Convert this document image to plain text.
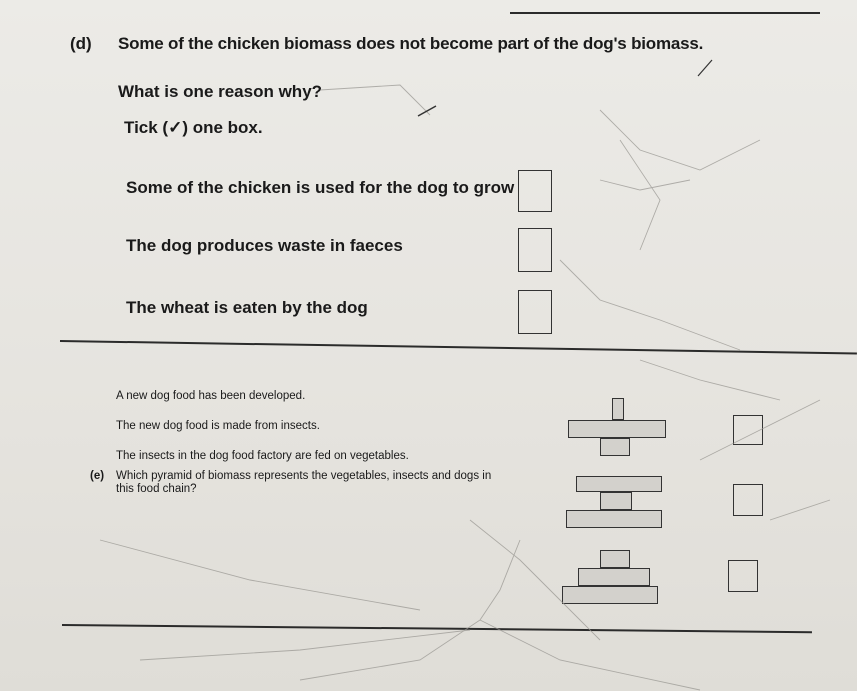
(d) Some of the chicken biomass does not become part of the dog's biomass.
What is one reason why?
Tick (✓) one box.
Some of the chicken is used for the dog to grow
The dog produces waste in faeces
The wheat is eaten by the dog
A new dog food has been developed.
The new dog food is made from insects.
The insects in the dog food factory are fed on vegetables.
(e) Which pyramid of biomass represents the vegetables, insects and dogs in
this food chain?
